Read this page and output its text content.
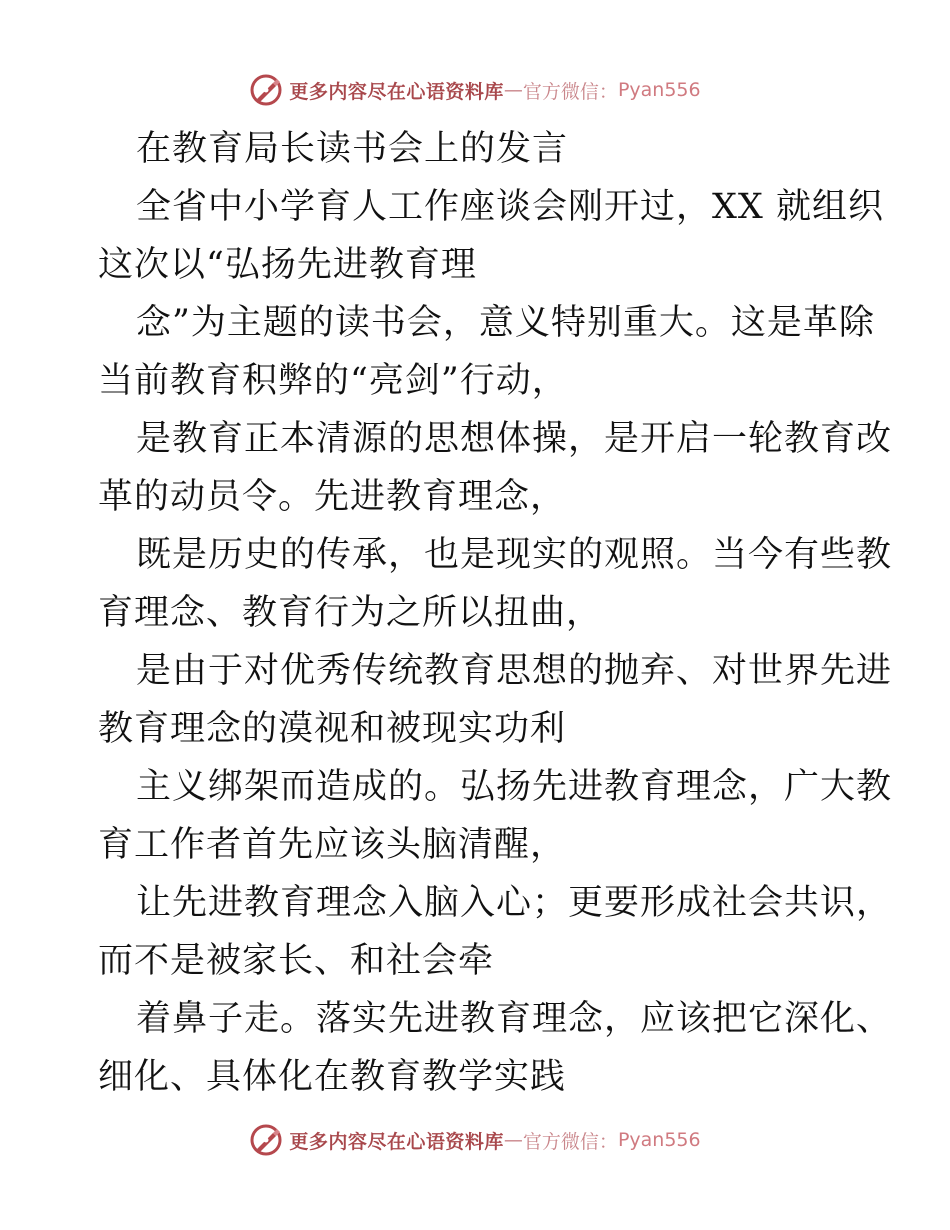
更多内容尽在心语资料库 — 官方微信： Pyan556
在教育局长读书会上的发言
全省中小学育人工作座谈会刚开过，XX 就组织
这次以“弘扬先进教育理
念”为主题的读书会，意义特别重大。这是革除
当前教育积弊的“亮剑”行动，
是教育正本清源的思想体操，是开启一轮教育改
革的动员令。先进教育理念，
既是历史的传承，也是现实的观照。当今有些教
育理念、教育行为之所以扭曲，
是由于对优秀传统教育思想的抛弃、对世界先进
教育理念的漠视和被现实功利
主义绑架而造成的。弘扬先进教育理念，广大教
育工作者首先应该头脑清醒，
让先进教育理念入脑入心；更要形成社会共识，
而不是被家长、和社会牵
着鼻子走。落实先进教育理念，应该把它深化、
细化、具体化在教育教学实践
更多内容尽在心语资料库 — 官方微信： Pyan556
